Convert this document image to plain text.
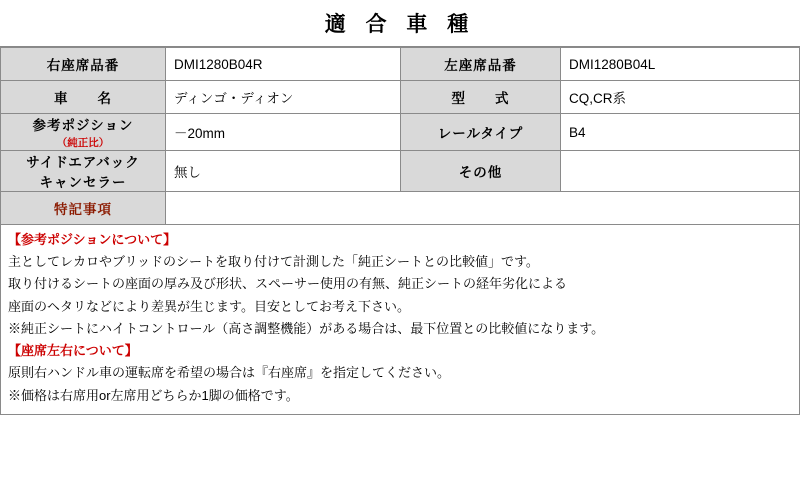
適 合 車 種
右座席品番	DMI1280B04R	左座席品番	DMI1280B04L
車　　名	ディンゴ・ディオン	型　　式	CQ,CR系
参考ポジション
（純正比）	－20mm	レールタイプ	B4

サイドエアバック
キャンセラー	無し	その他	
特記事項			

【参考ポジションについて】

主としてレカロやブリッドのシートを取り付けて計測した「純正シートとの比較値」です。

取り付けるシートの座面の厚み及び形状、スペーサー使用の有無、純正シートの経年劣化による

座面のヘタリなどにより差異が生じます。目安としてお考え下さい。

※純正シートにハイトコントロール（高さ調整機能）がある場合は、最下位置との比較値になります。

【座席左右について】

原則右ハンドル車の運転席を希望の場合は『右座席』を指定してください。

※価格は右席用or左席用どちらか1脚の価格です。
